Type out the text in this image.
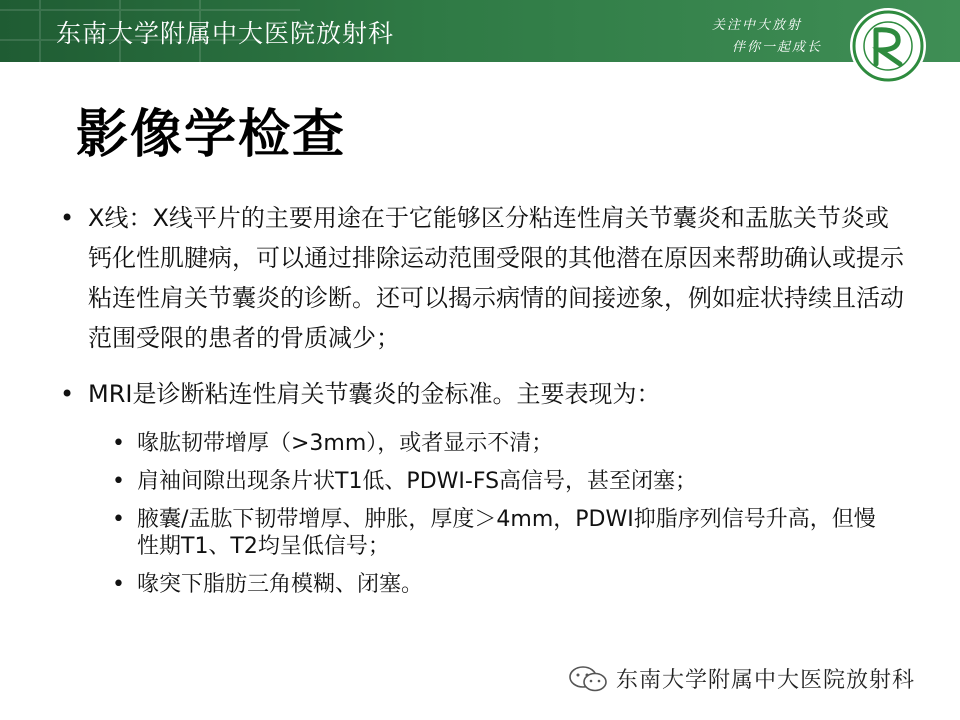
东南大学附属中大医院放射科	关注中大放射
伴你一起成长
影像学检查
• X线：X线平片的主要用途在于它能够区分粘连性肩关节囊炎和盂肱关节炎或钙化性肌腱病，可以通过排除运动范围受限的其他潜在原因来帮助确认或提示粘连性肩关节囊炎的诊断。还可以揭示病情的间接迹象，例如症状持续且活动范围受限的患者的骨质减少；
• MRI是诊断粘连性肩关节囊炎的金标准。主要表现为：
• 喙肱韧带增厚（>3mm），或者显示不清；
• 肩袖间隙出现条片状T1低、PDWI-FS高信号，甚至闭塞；
• 腋囊/盂肱下韧带增厚、肿胀，厚度＞4mm，PDWI抑脂序列信号升高，但慢性期T1、T2均呈低信号；
• 喙突下脂肪三角模糊、闭塞。
东南大学附属中大医院放射科
